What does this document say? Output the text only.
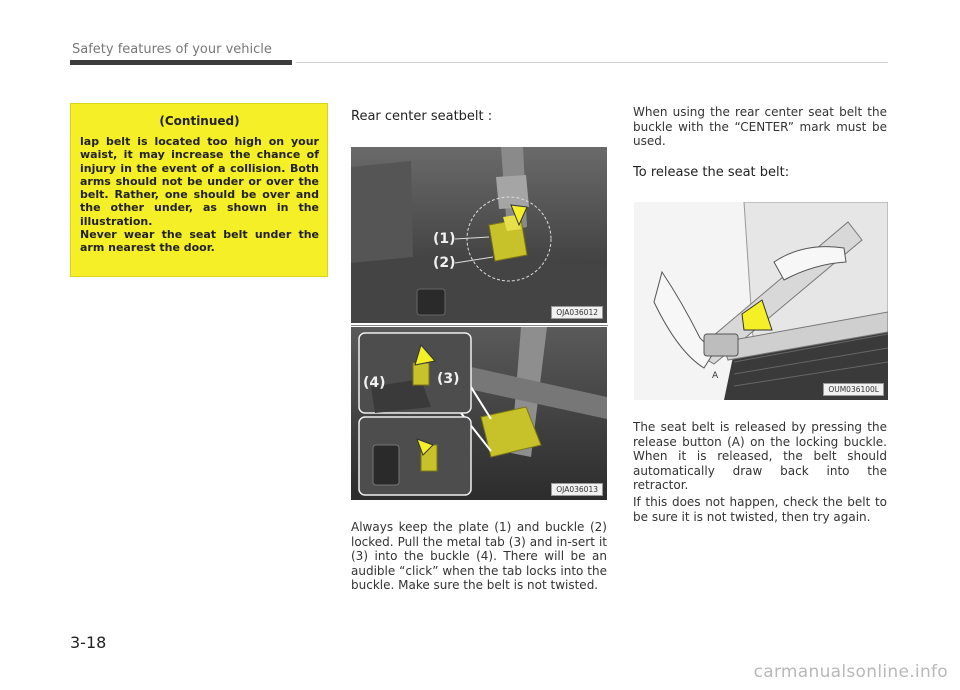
Safety features of your vehicle
(Continued)
lap belt is located too high on your waist, it may increase the chance of injury in the event of a collision. Both arms should not be under or over the belt. Rather, one should be over and the other under, as shown in the illustration.
Never wear the seat belt under the arm nearest the door.
Rear center seatbelt :
(1)
(2)
OJA036012
(4)	(3)
OJA036013
Always keep the plate (1) and buckle (2) locked. Pull the metal tab (3) and in-sert it (3) into the buckle (4). There will be an audible “click” when the tab locks into the buckle. Make sure the belt is not twisted.
When using the rear center seat belt the buckle with the “CENTER” mark must be used.
To release the seat belt:
A
OUM036100L
The seat belt is released by pressing the release button (A) on the locking buckle. When it is released, the belt should automatically draw back into the retractor.
If this does not happen, check the belt to be sure it is not twisted, then try again.
3-18
carmanualsonline.info
